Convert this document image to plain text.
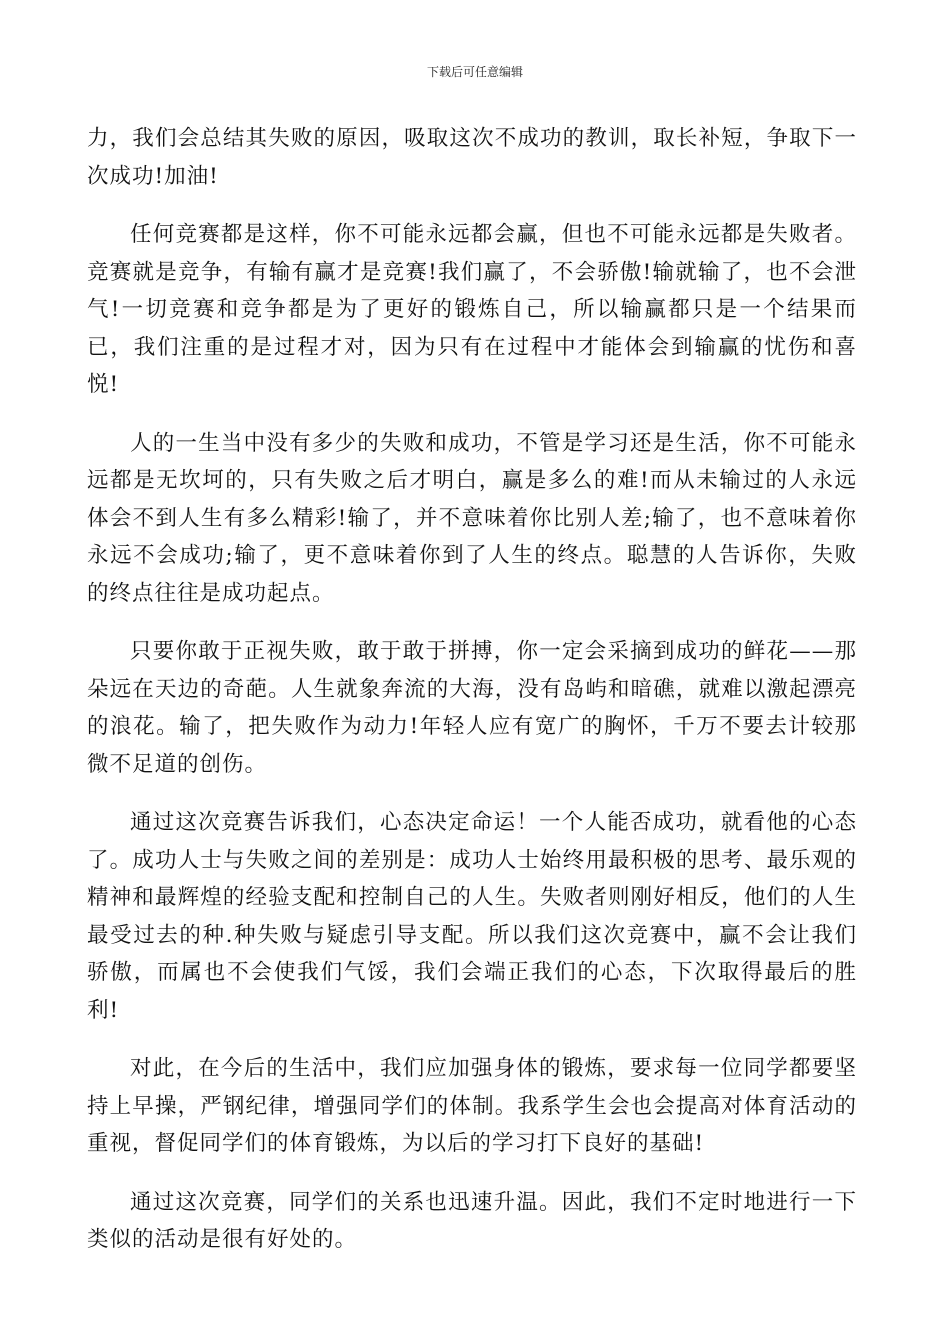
下载后可任意编辑

力，我们会总结其失败的原因，吸取这次不成功的教训，取长补短，争取下一次成功!加油!

任何竞赛都是这样，你不可能永远都会赢，但也不可能永远都是失败者。竞赛就是竞争，有输有赢才是竞赛!我们赢了，不会骄傲!输就输了，也不会泄气!一切竞赛和竞争都是为了更好的锻炼自己，所以输赢都只是一个结果而已，我们注重的是过程才对，因为只有在过程中才能体会到输赢的忧伤和喜悦!

人的一生当中没有多少的失败和成功，不管是学习还是生活，你不可能永远都是无坎坷的，只有失败之后才明白，赢是多么的难!而从未输过的人永远体会不到人生有多么精彩!输了，并不意味着你比别人差;输了，也不意味着你永远不会成功;输了，更不意味着你到了人生的终点。聪慧的人告诉你，失败的终点往往是成功起点。

只要你敢于正视失败，敢于敢于拼搏，你一定会采摘到成功的鲜花——那朵远在天边的奇葩。人生就象奔流的大海，没有岛屿和暗礁，就难以激起漂亮的浪花。输了，把失败作为动力!年轻人应有宽广的胸怀，千万不要去计较那微不足道的创伤。

通过这次竞赛告诉我们，心态决定命运！一个人能否成功，就看他的心态了。成功人士与失败之间的差别是：成功人士始终用最积极的思考、最乐观的精神和最辉煌的经验支配和控制自己的人生。失败者则刚好相反，他们的人生最受过去的种.种失败与疑虑引导支配。所以我们这次竞赛中，赢不会让我们骄傲，而属也不会使我们气馁，我们会端正我们的心态，下次取得最后的胜利!

对此，在今后的生活中，我们应加强身体的锻炼，要求每一位同学都要坚持上早操，严钢纪律，增强同学们的体制。我系学生会也会提高对体育活动的重视，督促同学们的体育锻炼，为以后的学习打下良好的基础!

通过这次竞赛，同学们的关系也迅速升温。因此，我们不定时地进行一下类似的活动是很有好处的。
